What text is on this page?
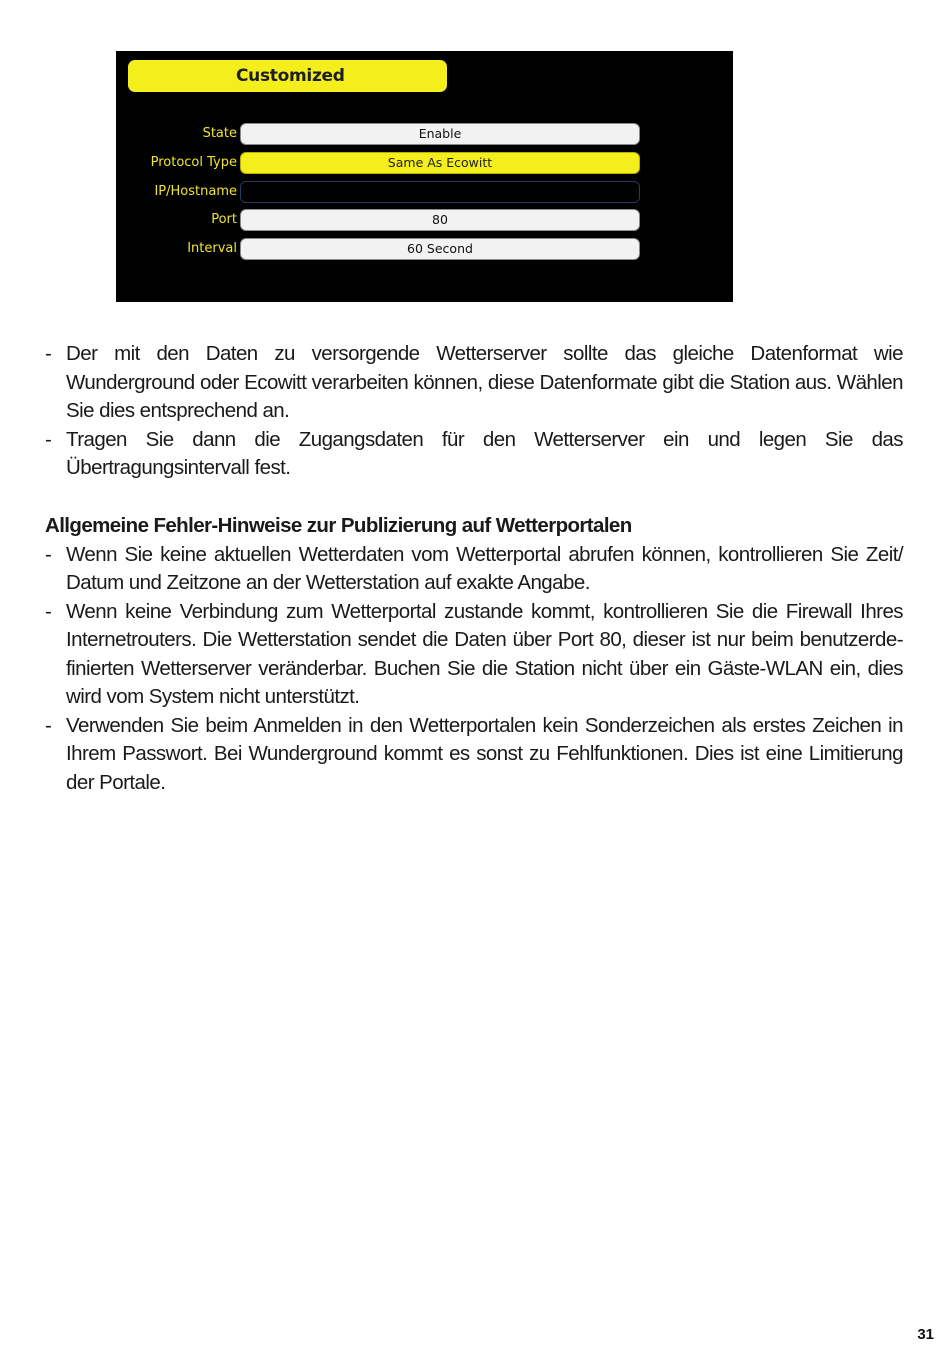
Customized
State	Enable
Protocol Type	Same As Ecowitt
IP/Hostname
Port	80
Interval	60 Second
- Der mit den Daten zu versorgende Wetterserver sollte das gleiche Datenformat wie Wunderground oder Ecowitt verarbeiten können, diese Datenformate gibt die Station aus. Wählen Sie dies entsprechend an.
- Tragen Sie dann die Zugangsdaten für den Wetterserver ein und legen Sie das Übertragungsintervall fest.
Allgemeine Fehler-Hinweise zur Publizierung auf Wetterportalen
- Wenn Sie keine aktuellen Wetterdaten vom Wetterportal abrufen können, kontrollieren Sie Zeit/ Datum und Zeitzone an der Wetterstation auf exakte Angabe.
- Wenn keine Verbindung zum Wetterportal zustande kommt, kontrollieren Sie die Firewall Ihres Internetrouters. Die Wetterstation sendet die Daten über Port 80, dieser ist nur beim benutzerde-finierten Wetterserver veränderbar. Buchen Sie die Station nicht über ein Gäste-WLAN ein, dies wird vom System nicht unterstützt.
- Verwenden Sie beim Anmelden in den Wetterportalen kein Sonderzeichen als erstes Zeichen in Ihrem Passwort. Bei Wunderground kommt es sonst zu Fehlfunktionen. Dies ist eine Limitierung der Portale.
31
